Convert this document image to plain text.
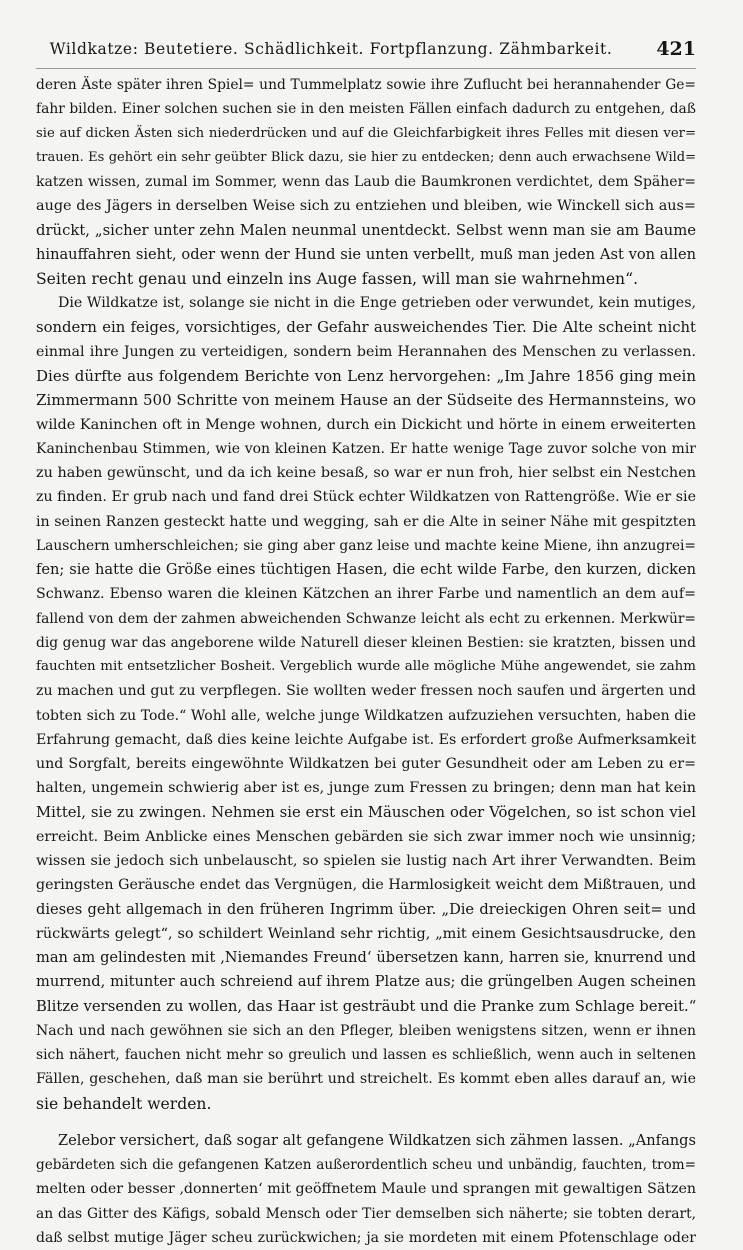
Wildkatze: Beutetiere. Schädlichkeit. Fortpflanzung. Zähmbarkeit.	421
deren Äste später ihren Spiel= und Tummelplatz sowie ihre Zuflucht bei herannahender Ge=
fahr bilden. Einer solchen suchen sie in den meisten Fällen einfach dadurch zu entgehen, daß
sie auf dicken Ästen sich niederdrücken und auf die Gleichfarbigkeit ihres Felles mit diesen ver=
trauen. Es gehört ein sehr geübter Blick dazu, sie hier zu entdecken; denn auch erwachsene Wild=
katzen wissen, zumal im Sommer, wenn das Laub die Baumkronen verdichtet, dem Späher=
auge des Jägers in derselben Weise sich zu entziehen und bleiben, wie Winckell sich aus=
drückt, „sicher unter zehn Malen neunmal unentdeckt. Selbst wenn man sie am Baume
hinauffahren sieht, oder wenn der Hund sie unten verbellt, muß man jeden Ast von allen
Seiten recht genau und einzeln ins Auge fassen, will man sie wahrnehmen“.
Die Wildkatze ist, solange sie nicht in die Enge getrieben oder verwundet, kein mutiges,
sondern ein feiges, vorsichtiges, der Gefahr ausweichendes Tier. Die Alte scheint nicht
einmal ihre Jungen zu verteidigen, sondern beim Herannahen des Menschen zu verlassen.
Dies dürfte aus folgendem Berichte von Lenz hervorgehen: „Im Jahre 1856 ging mein
Zimmermann 500 Schritte von meinem Hause an der Südseite des Hermannsteins, wo
wilde Kaninchen oft in Menge wohnen, durch ein Dickicht und hörte in einem erweiterten
Kaninchenbau Stimmen, wie von kleinen Katzen. Er hatte wenige Tage zuvor solche von mir
zu haben gewünscht, und da ich keine besaß, so war er nun froh, hier selbst ein Nestchen
zu finden. Er grub nach und fand drei Stück echter Wildkatzen von Rattengröße. Wie er sie
in seinen Ranzen gesteckt hatte und wegging, sah er die Alte in seiner Nähe mit gespitzten
Lauschern umherschleichen; sie ging aber ganz leise und machte keine Miene, ihn anzugrei=
fen; sie hatte die Größe eines tüchtigen Hasen, die echt wilde Farbe, den kurzen, dicken
Schwanz. Ebenso waren die kleinen Kätzchen an ihrer Farbe und namentlich an dem auf=
fallend von dem der zahmen abweichenden Schwanze leicht als echt zu erkennen. Merkwür=
dig genug war das angeborene wilde Naturell dieser kleinen Bestien: sie kratzten, bissen und
fauchten mit entsetzlicher Bosheit. Vergeblich wurde alle mögliche Mühe angewendet, sie zahm
zu machen und gut zu verpflegen. Sie wollten weder fressen noch saufen und ärgerten und
tobten sich zu Tode.“ Wohl alle, welche junge Wildkatzen aufzuziehen versuchten, haben die
Erfahrung gemacht, daß dies keine leichte Aufgabe ist. Es erfordert große Aufmerksamkeit
und Sorgfalt, bereits eingewöhnte Wildkatzen bei guter Gesundheit oder am Leben zu er=
halten, ungemein schwierig aber ist es, junge zum Fressen zu bringen; denn man hat kein
Mittel, sie zu zwingen. Nehmen sie erst ein Mäuschen oder Vögelchen, so ist schon viel
erreicht. Beim Anblicke eines Menschen gebärden sie sich zwar immer noch wie unsinnig;
wissen sie jedoch sich unbelauscht, so spielen sie lustig nach Art ihrer Verwandten. Beim
geringsten Geräusche endet das Vergnügen, die Harmlosigkeit weicht dem Mißtrauen, und
dieses geht allgemach in den früheren Ingrimm über. „Die dreieckigen Ohren seit= und
rückwärts gelegt“, so schildert Weinland sehr richtig, „mit einem Gesichtsausdrucke, den
man am gelindesten mit ‚Niemandes Freund‘ übersetzen kann, harren sie, knurrend und
murrend, mitunter auch schreiend auf ihrem Platze aus; die grüngelben Augen scheinen
Blitze versenden zu wollen, das Haar ist gesträubt und die Pranke zum Schlage bereit.“
Nach und nach gewöhnen sie sich an den Pfleger, bleiben wenigstens sitzen, wenn er ihnen
sich nähert, fauchen nicht mehr so greulich und lassen es schließlich, wenn auch in seltenen
Fällen, geschehen, daß man sie berührt und streichelt. Es kommt eben alles darauf an, wie
sie behandelt werden.
Zelebor versichert, daß sogar alt gefangene Wildkatzen sich zähmen lassen. „Anfangs
gebärdeten sich die gefangenen Katzen außerordentlich scheu und unbändig, fauchten, trom=
melten oder besser ‚donnerten‘ mit geöffnetem Maule und sprangen mit gewaltigen Sätzen
an das Gitter des Käfigs, sobald Mensch oder Tier demselben sich näherte; sie tobten derart,
daß selbst mutige Jäger scheu zurückwichen; ja sie mordeten mit einem Pfotenschlage oder
